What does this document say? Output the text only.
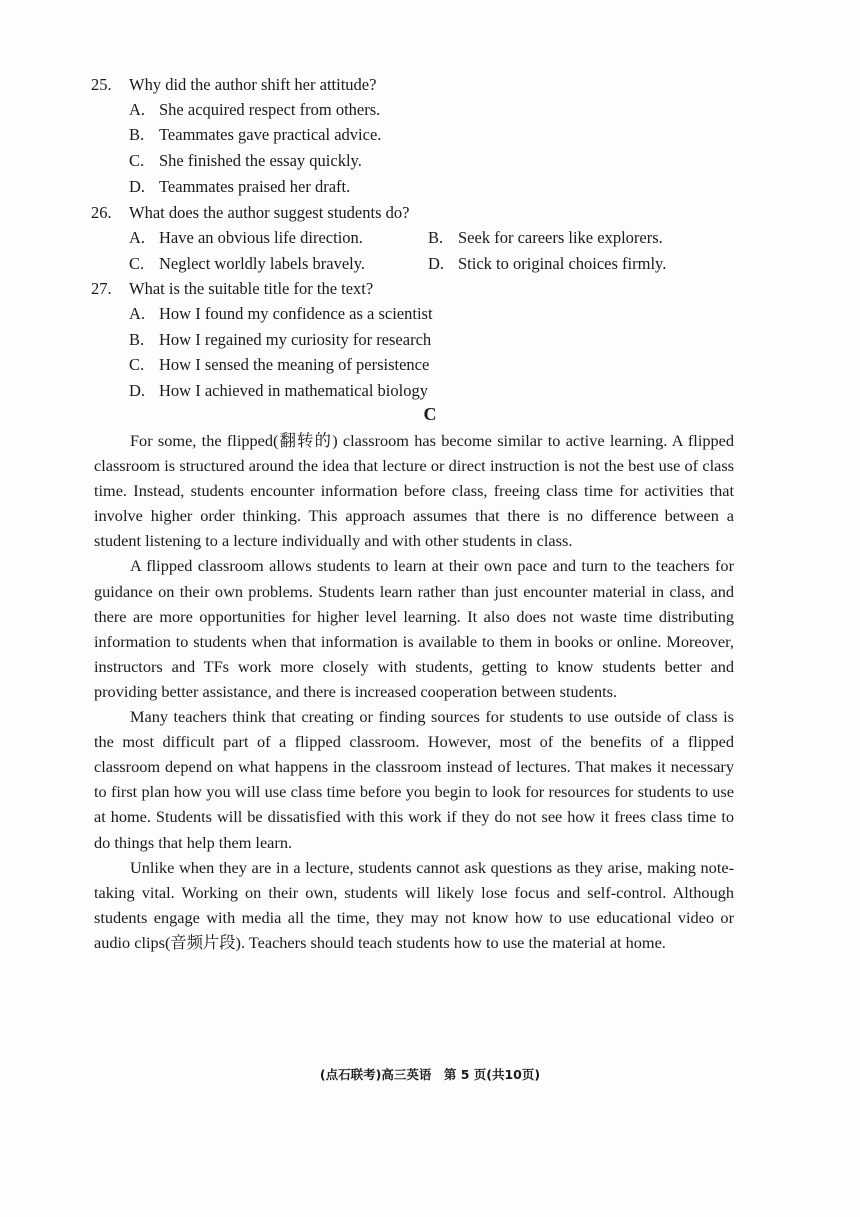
25. Why did the author shift her attitude?
A. She acquired respect from others.
B. Teammates gave practical advice.
C. She finished the essay quickly.
D. Teammates praised her draft.
26. What does the author suggest students do?
A. Have an obvious life direction.	B. Seek for careers like explorers.
C. Neglect worldly labels bravely.	D. Stick to original choices firmly.
27. What is the suitable title for the text?
A. How I found my confidence as a scientist
B. How I regained my curiosity for research
C. How I sensed the meaning of persistence
D. How I achieved in mathematical biology
C

For some, the flipped(翻转的) classroom has become similar to active learning. A flipped classroom is structured around the idea that lecture or direct instruction is not the best use of class time. Instead, students encounter information before class, freeing class time for activities that involve higher order thinking. This approach assumes that there is no difference between a student listening to a lecture individually and with other students in class.

A flipped classroom allows students to learn at their own pace and turn to the teachers for guidance on their own problems. Students learn rather than just encounter material in class, and there are more opportunities for higher level learning. It also does not waste time distributing information to students when that information is available to them in books or online. Moreover, instructors and TFs work more closely with students, getting to know students better and providing better assistance, and there is increased cooperation between students.

Many teachers think that creating or finding sources for students to use outside of class is the most difficult part of a flipped classroom. However, most of the benefits of a flipped classroom depend on what happens in the classroom instead of lectures. That makes it necessary to first plan how you will use class time before you begin to look for resources for students to use at home. Students will be dissatisfied with this work if they do not see how it frees class time to do things that help them learn.

Unlike when they are in a lecture, students cannot ask questions as they arise, making note-taking vital. Working on their own, students will likely lose focus and self-control. Although students engage with media all the time, they may not know how to use educational video or audio clips(音频片段). Teachers should teach students how to use the material at home.

(点石联考)高三英语　第 5 页(共10页)
